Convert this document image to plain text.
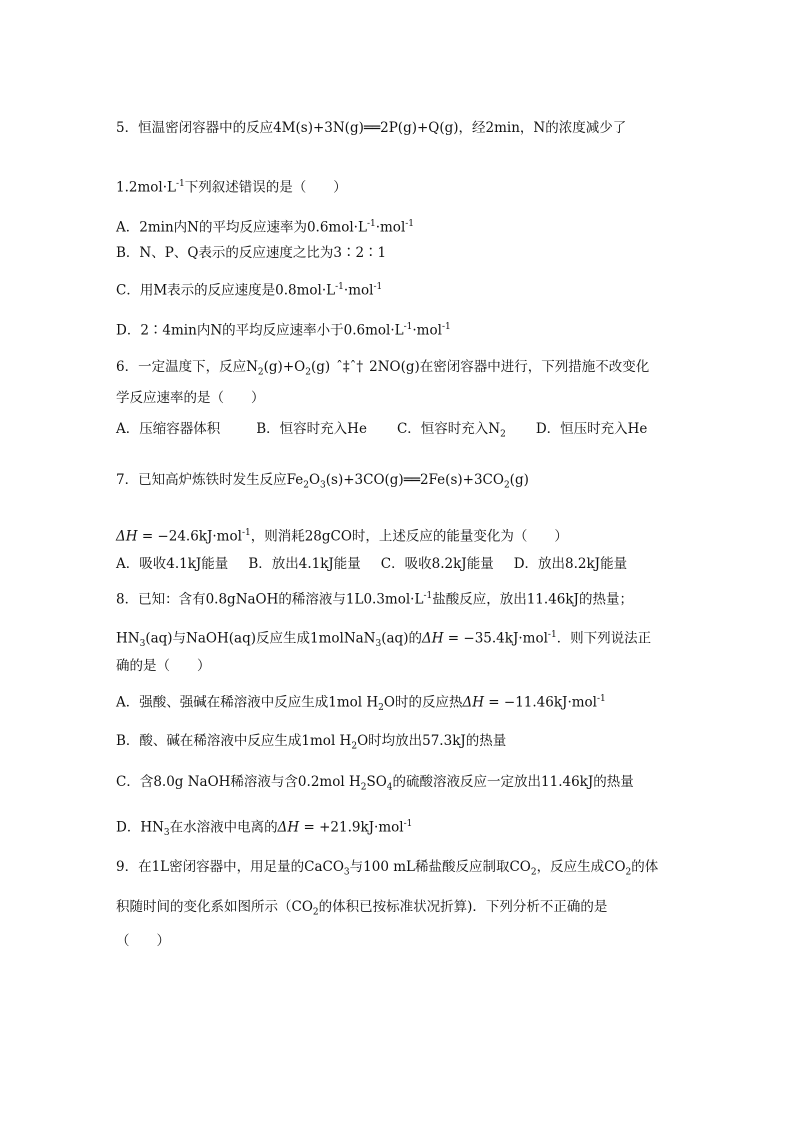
5．恒温密闭容器中的反应4M(s)+3N(g)══2P(g)+Q(g)，经2min，N的浓度减少了
$1.2mol\cdot L^{-1}$下列叙述错误的是（　　）
A．2min内N的平均反应速率为$0.6mol\cdot L^{-1}\cdot mol^{-1}$
B．N、P、Q表示的反应速度之比为3∶2∶1
C．用M表示的反应速度是$0.8mol\cdot L^{-1}\cdot mol^{-1}$
D．2∶4min内N的平均反应速率小于$0.6mol\cdot L^{-1}\cdot mol^{-1}$
6．一定温度下，反应$N_2(g)+O_2(g)$ ˆ‡ˆ† 2NO(g)在密闭容器中进行，下列措施不改变化
学反应速率的是（　　）
A．压缩容器体积	B．恒容时充入He C．恒容时充入$N_2$ D．恒压时充入He
7．已知高炉炼铁时发生反应$Fe_2O_3(s)+3CO(g)══2Fe(s)+3CO_2(g)$
ΔH = −24.6kJ·mol$^{-1}$，则消耗28gCO时，上述反应的能量变化为（　　）
A．吸收4.1kJ能量 B．放出4.1kJ能量 C．吸收8.2kJ能量 D．放出8.2kJ能量
8．已知：含有0.8gNaOH的稀溶液与$1L0.3mol\cdot L^{-1}$盐酸反应，放出11.46kJ的热量；
$HN_3(aq)$与NaOH(aq)反应生成1molNaN$_3$(aq)的ΔH = −35.4kJ·mol$^{-1}$．则下列说法正
确的是（　　）
A．强酸、强碱在稀溶液中反应生成1mol $H_2O$时的反应热ΔH = −11.46kJ·mol$^{-1}$
B．酸、碱在稀溶液中反应生成1mol $H_2O$时均放出57.3kJ的热量
C．含8.0g NaOH稀溶液与含0.2mol $H_2SO_4$的硫酸溶液反应一定放出11.46kJ的热量
D．$HN_3$在水溶液中电离的ΔH = +21.9kJ·mol$^{-1}$
9．在1L密闭容器中，用足量的CaCO$_3$与100 mL稀盐酸反应制取$CO_2$，反应生成$CO_2$的体
积随时间的变化系如图所示（$CO_2$的体积已按标准状况折算)．下列分析不正确的是
（　　）
